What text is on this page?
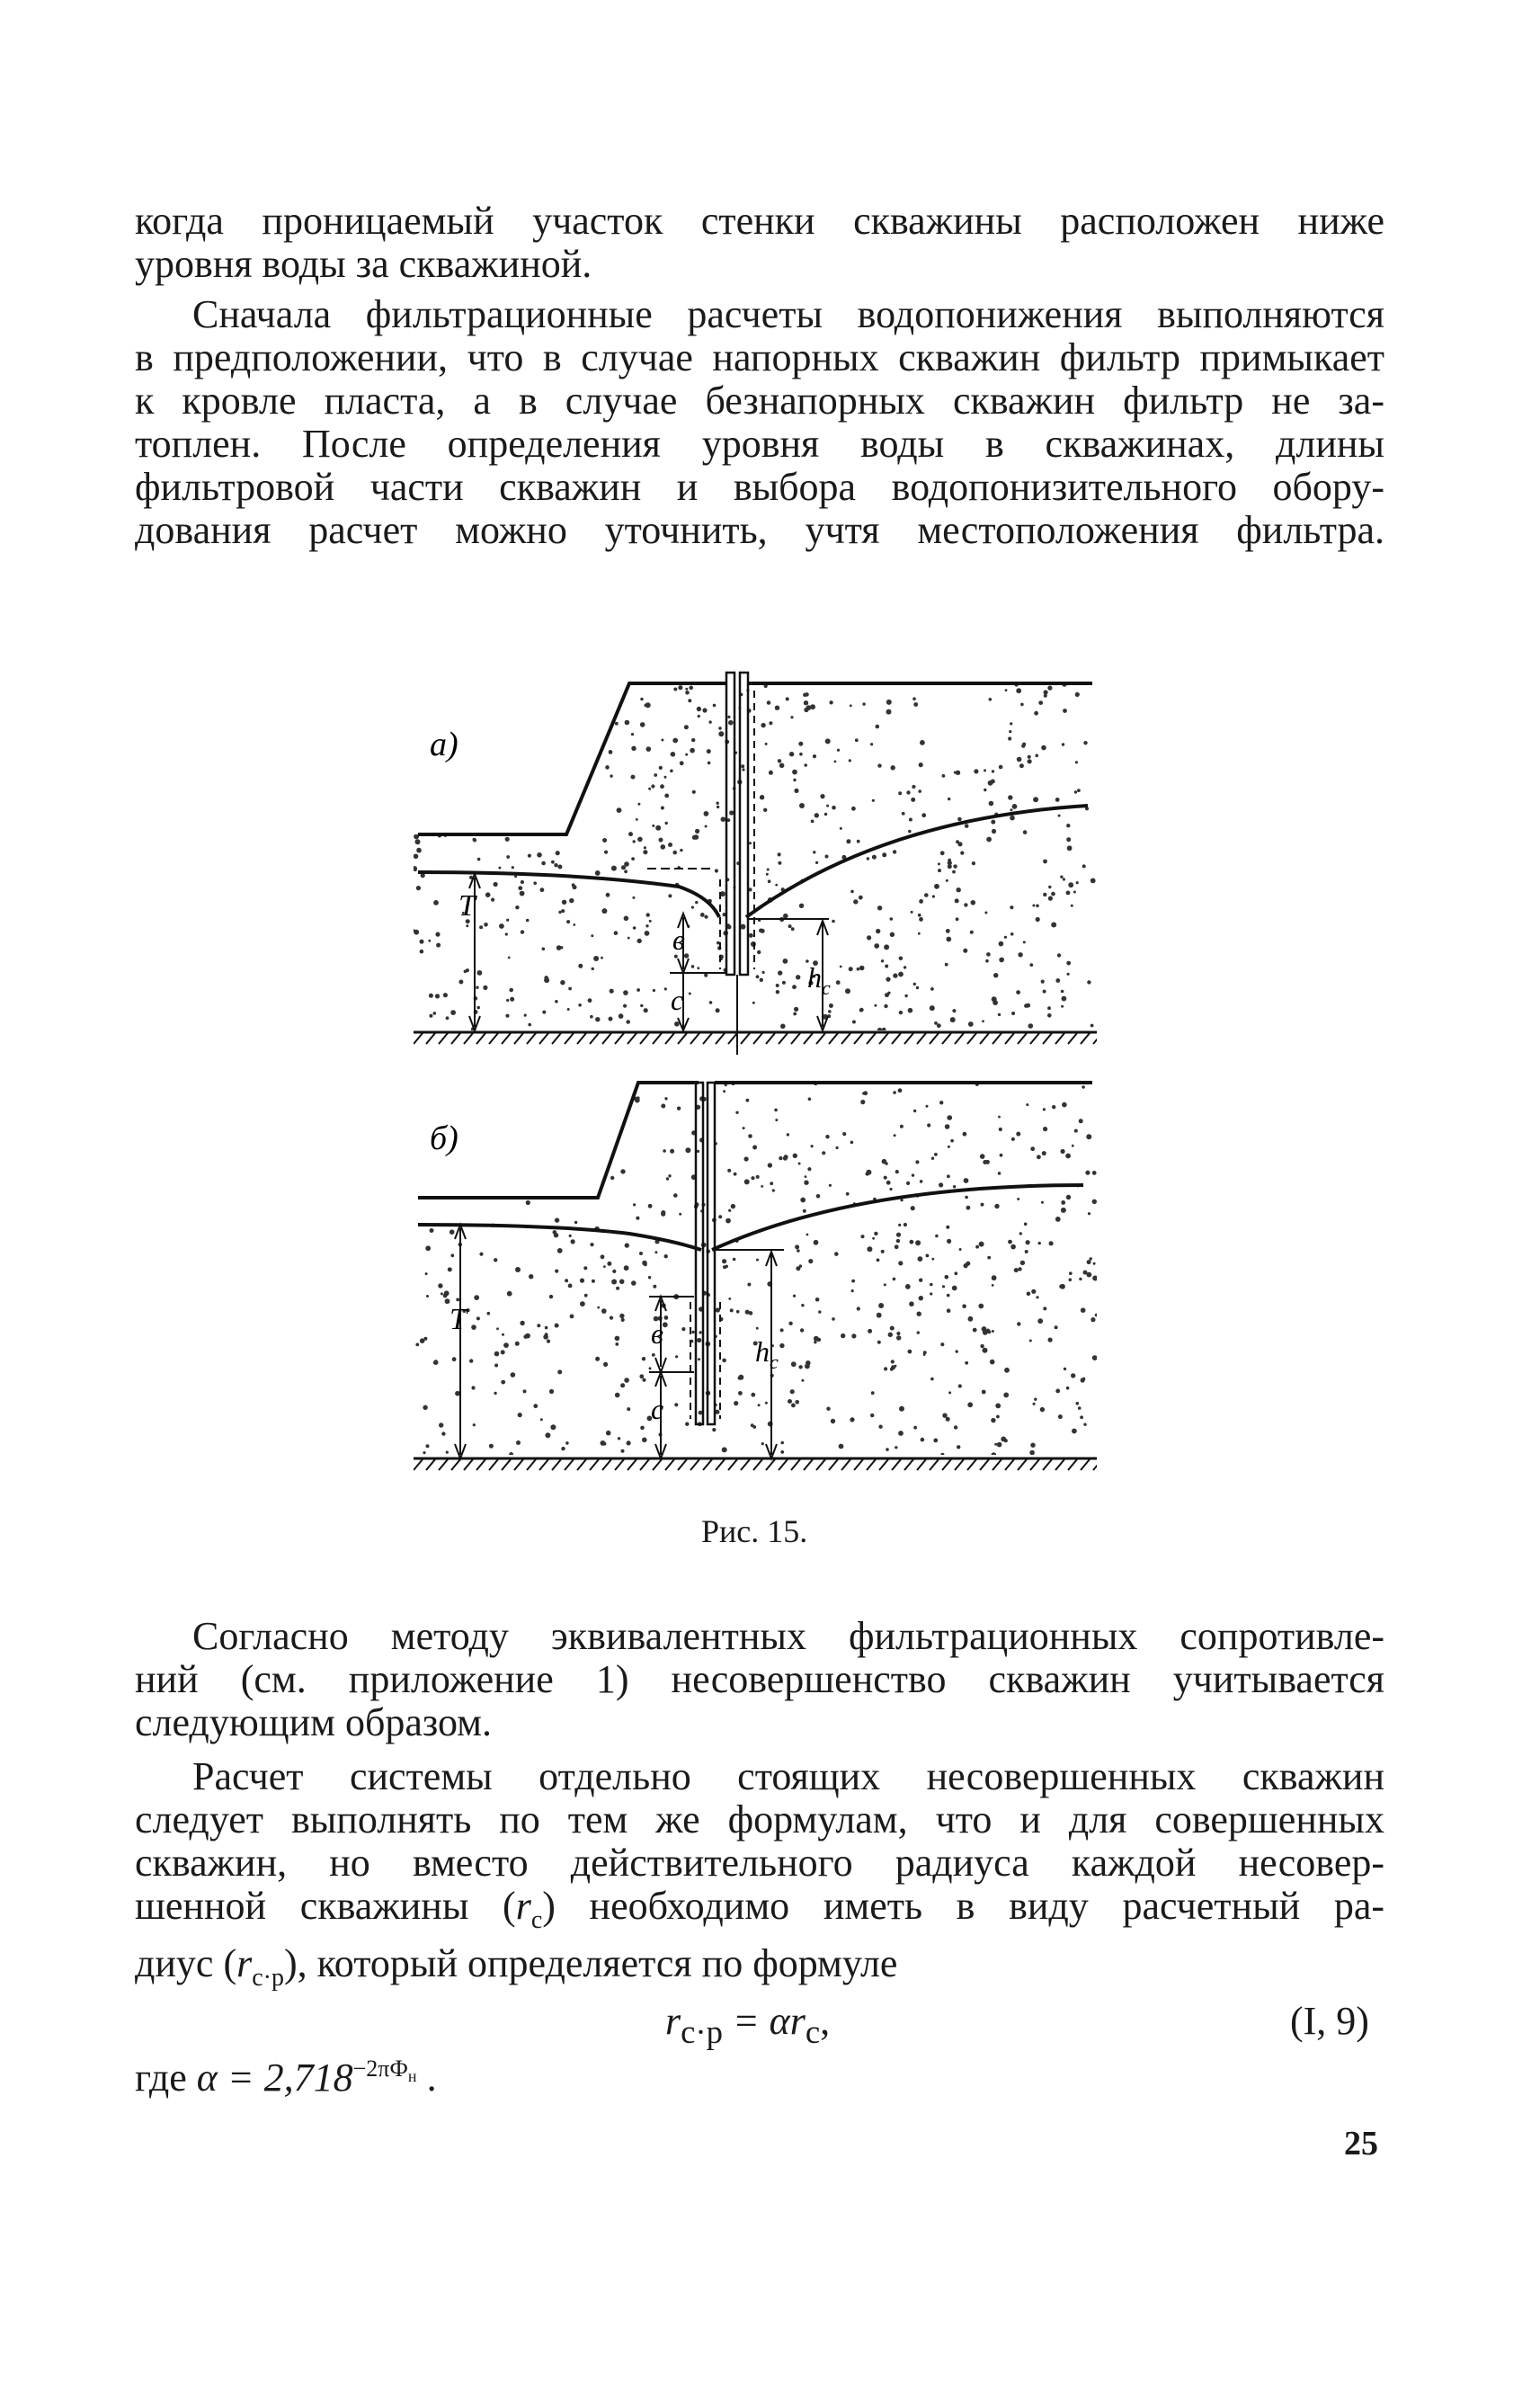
когда проницаемый участок стенки скважины расположен ниже
уровня воды за скважиной.

Сначала фильтрационные расчеты водопонижения выполняются
в предположении, что в случае напорных скважин фильтр примыкает
к кровле пласта, а в случае безнапорных скважин фильтр не за-
топлен. После определения уровня воды в скважинах, длины
фильтровой части скважин и выбора водопонизительного обору-
дования расчет можно уточнить, учтя местоположения фильтра.

T
в
с
$h_c$
а)
T	в
с
$h_c$
б)
Рис. 15.

Согласно методу эквивалентных фильтрационных сопротивле-
ний (см. приложение 1) несовершенство скважин учитывается
следующим образом.

Расчет системы отдельно стоящих несовершенных скважин
следует выполнять по тем же формулам, что и для совершенных
скважин, но вместо действительного радиуса каждой несовер-
шенной скважины $(r_с)$ необходимо иметь в виду расчетный ра-
диус $(r_{с\cdot р})$, который определяется по формуле

$r_{с\cdot р} = \alpha r_с$,	(I, 9)
где $\alpha = 2,718^{-2\pi Ф_н}$ .
25
